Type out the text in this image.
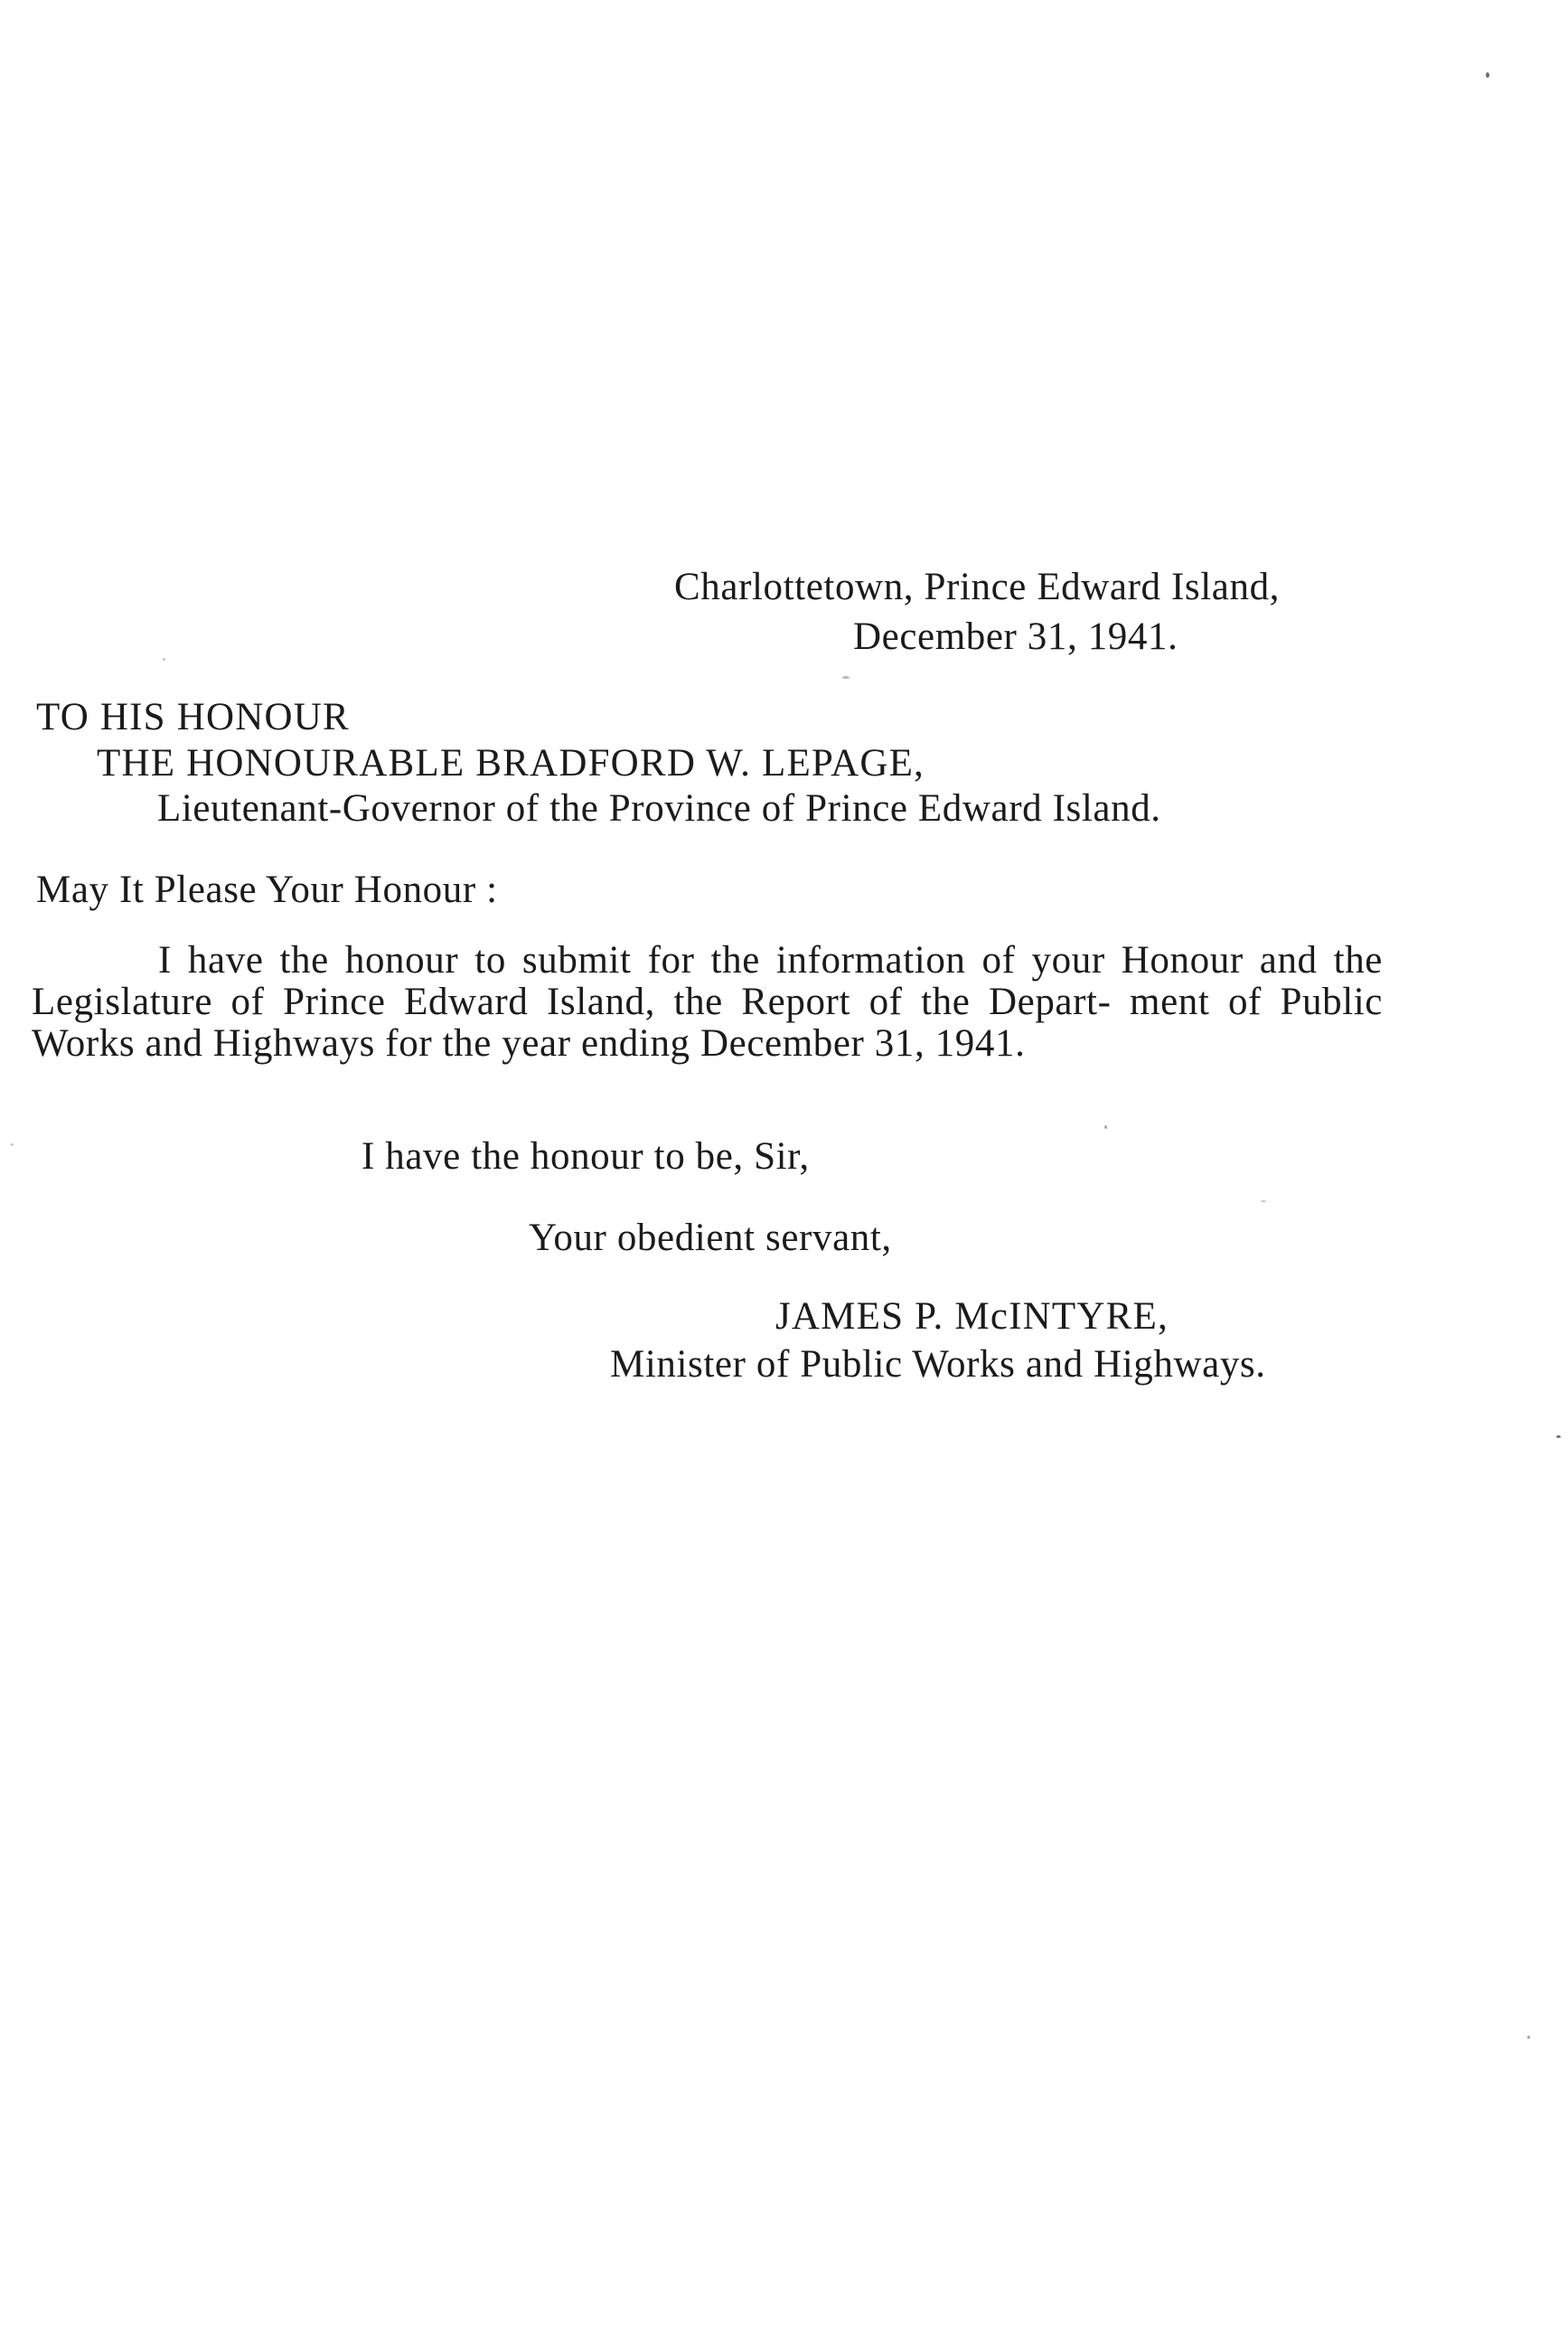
Charlottetown, Prince Edward Island,
December 31, 1941.
TO HIS HONOUR
THE HONOURABLE BRADFORD W. LEPAGE,
Lieutenant-Governor of the Province of Prince Edward Island.
May It Please Your Honour :
I have the honour to submit for the information of your Honour and the Legislature of Prince Edward Island, the Report of the Depart- ment of Public Works and Highways for the year ending December 31, 1941.
I have the honour to be, Sir,
Your obedient servant,
JAMES P. McINTYRE,
Minister of Public Works and Highways.
